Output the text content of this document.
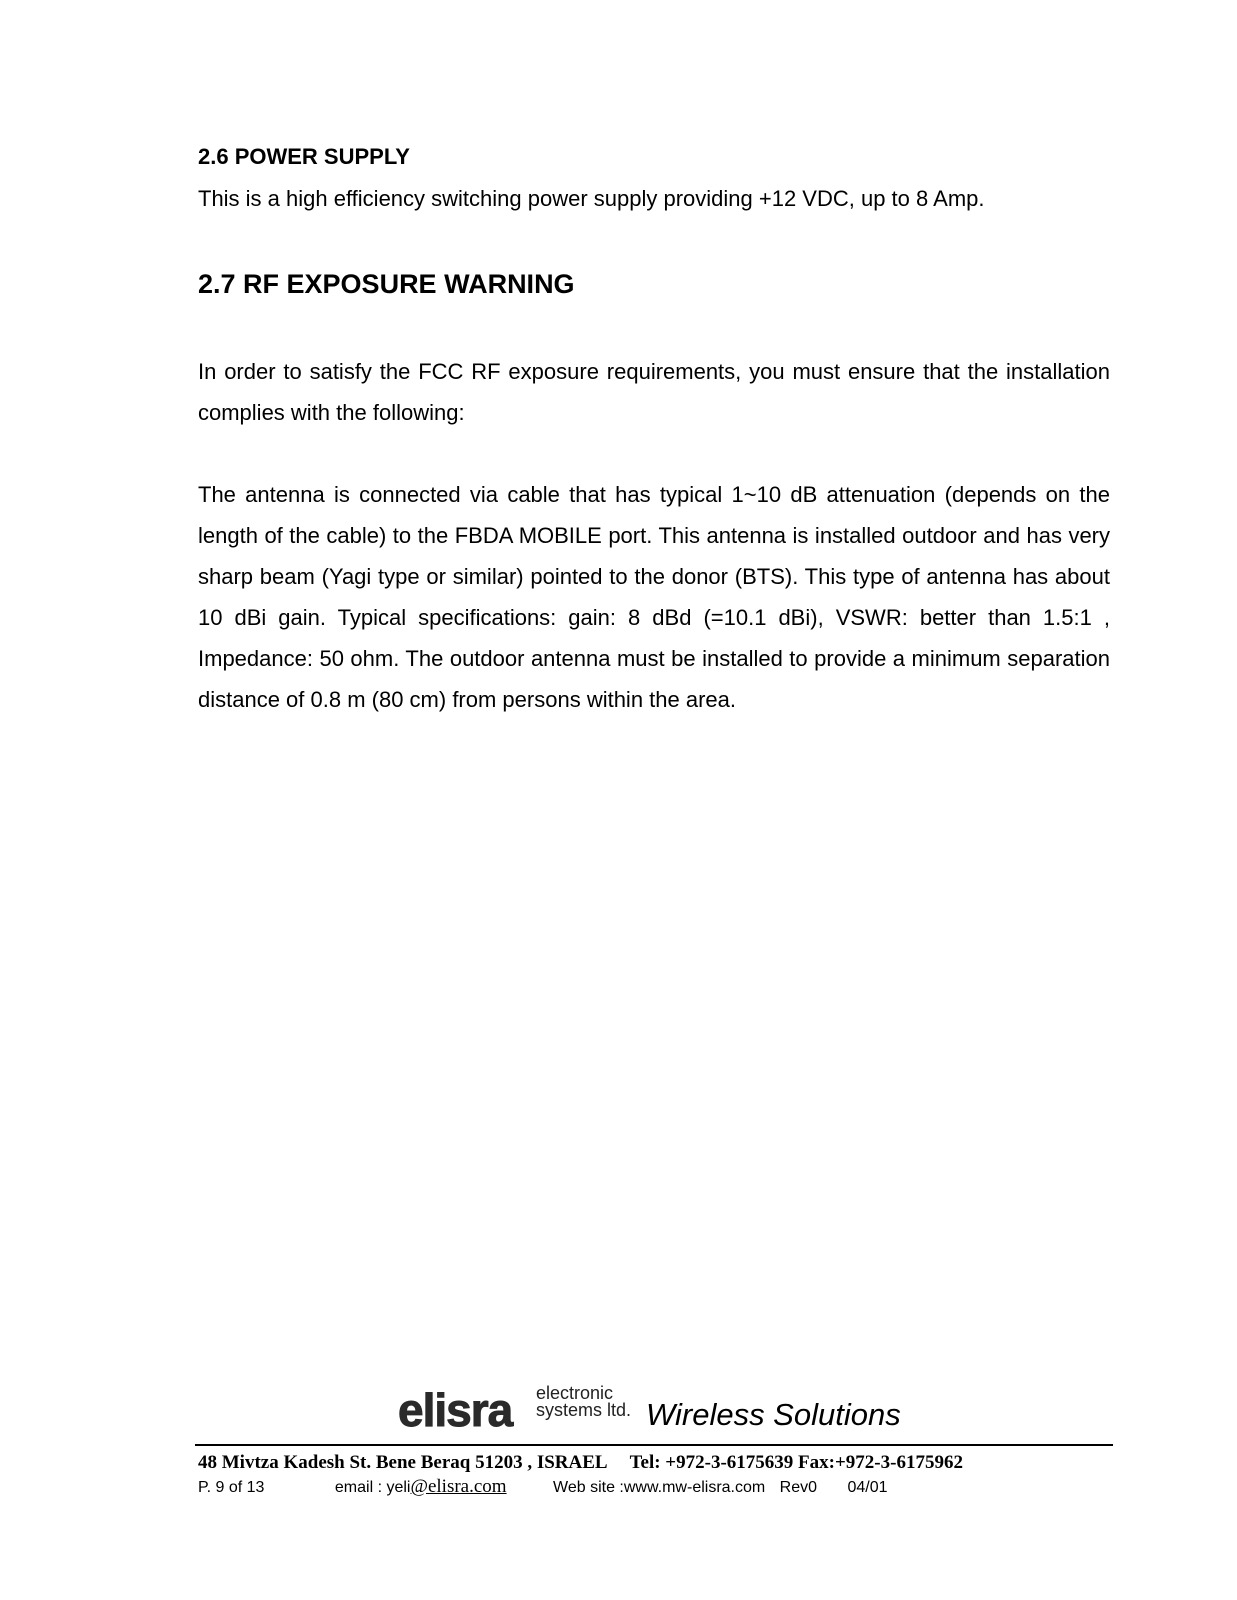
2.6 POWER SUPPLY

This is a high efficiency switching power supply providing +12 VDC, up to 8 Amp.

2.7 RF EXPOSURE WARNING

In order to satisfy the FCC RF exposure requirements, you must ensure that the installation complies with the following:

The antenna is connected via cable that has typical 1~10 dB attenuation (depends on the length of the cable) to the FBDA MOBILE port. This antenna is installed outdoor and has very sharp beam (Yagi type or similar) pointed to the donor (BTS). This type of antenna has about 10 dBi gain. Typical specifications: gain: 8 dBd (=10.1 dBi), VSWR: better than 1.5:1 , Impedance: 50 ohm. The outdoor antenna must be installed to provide a minimum separation distance of 0.8 m (80 cm) from persons within the area.

elisra electronic
systems ltd. Wireless Solutions
48 Mivtza Kadesh St. Bene Beraq 51203 , ISRAEL Tel: +972-3-6175639 Fax:+972-3-6175962
P. 9 of 13	email : yeli@elisra.com	Web site :www.mw-elisra.com Rev0 04/01
